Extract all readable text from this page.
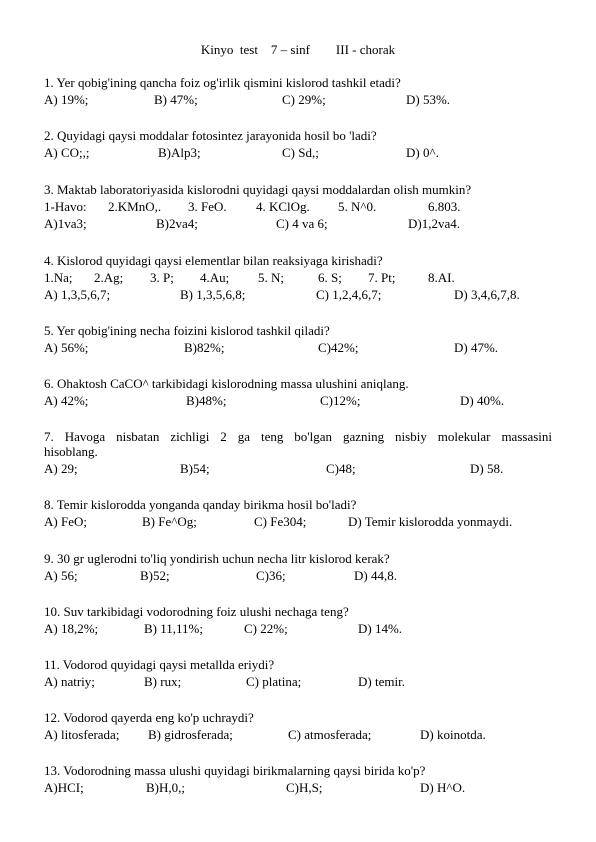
Kinyo  test    7 – sinf        III - chorak
1. Yer qobig'ining qancha foiz og'irlik qismini kislorod tashkil etadi?
A) 19%;	B) 47%;	C) 29%;	D) 53%.
2. Quyidagi qaysi moddalar fotosintez jarayonida hosil bo 'ladi?
A) CO;,;	B)Alp3;	C) Sd,;	D) 0^.
3. Maktab laboratoriyasida kislorodni quyidagi qaysi moddalardan olish mumkin?
1-Havo: 2.KMnO,. 3. FeO. 4. KClOg. 5. N^0.	6.803.
A)1va3;	B)2va4;	C) 4 va 6;	D)1,2va4.
4. Kislorod quyidagi qaysi elementlar bilan reaksiyaga kirishadi?
1.Na; 2.Ag; 3. P; 4.Au; 5. N;	6. S; 7. Pt;	8.AI.
A) 1,3,5,6,7;	B) 1,3,5,6,8;	C) 1,2,4,6,7;	D) 3,4,6,7,8.
5. Yer qobig'ining necha foizini kislorod tashkil qiladi?
A) 56%;	B)82%;	C)42%;	D) 47%.
6. Ohaktosh CaCO^ tarkibidagi kislorodning massa ulushini aniqlang.
A) 42%;	B)48%;	C)12%;	D) 40%.
7. Havoga nisbatan zichligi 2 ga teng bo'lgan gazning nisbiy molekular massasini
hisoblang.
A) 29;	B)54;	C)48;	D) 58.
8. Temir kislorodda yonganda qanday birikma hosil bo'ladi?
A) FeO;	B) Fe^Og;	C) Fe304;	D) Temir kislorodda yonmaydi.
9. 30 gr uglerodni to'liq yondirish uchun necha litr kislorod kerak?
A) 56;	B)52;	C)36;	D) 44,8.
10. Suv tarkibidagi vodorodning foiz ulushi nechaga teng?
A) 18,2%;	B) 11,11%;	C) 22%;	D) 14%.
11. Vodorod quyidagi qaysi metallda eriydi?
A) natriy;	B) rux;	C) platina;	D) temir.
12. Vodorod qayerda eng ko'p uchraydi?
A) litosferada; B) gidrosferada;	C) atmosferada;	D) koinotda.
13. Vodorodning massa ulushi quyidagi birikmalarning qaysi birida ko'p?
A)HCI;	B)H,0,;	C)H,S;	D) H^O.
